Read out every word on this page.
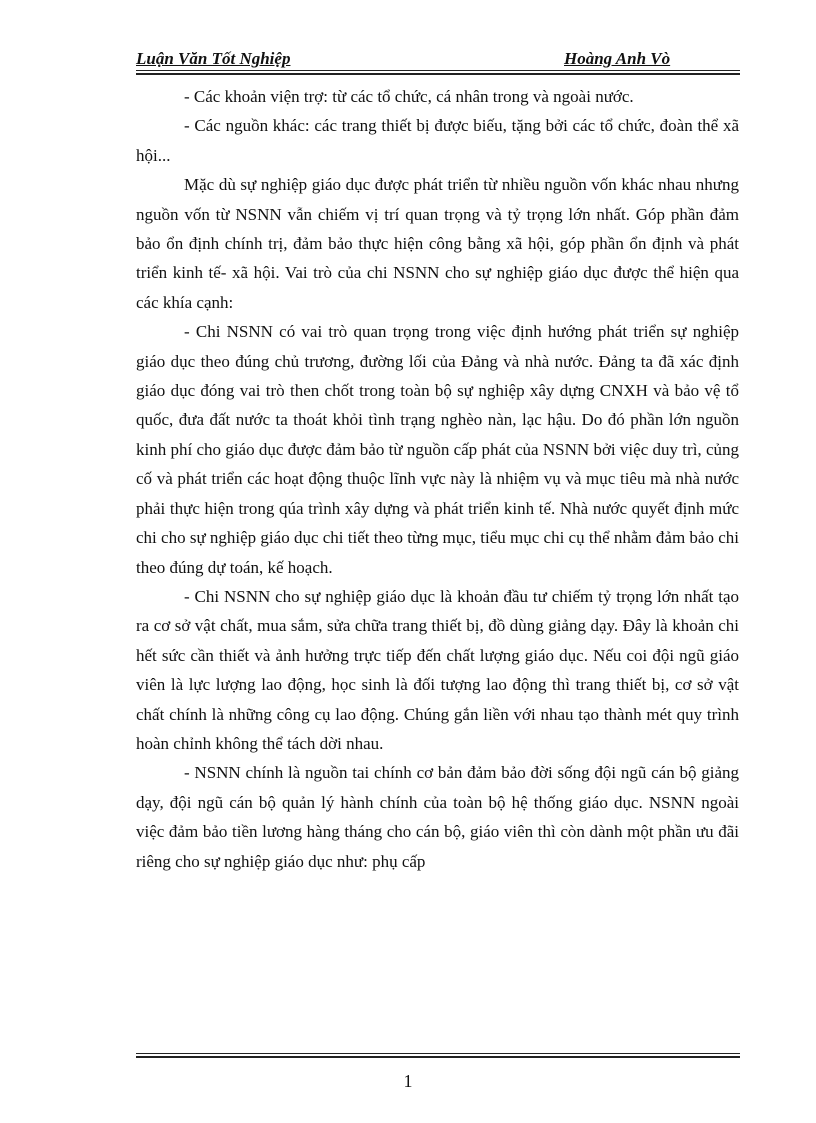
Luận Văn Tốt Nghiệp	Hoàng Anh Vò

- Các khoản viện trợ: từ các tổ chức, cá nhân trong và ngoài nước.

- Các nguồn khác: các trang thiết bị được biếu, tặng bởi các tổ chức, đoàn thể xã hội...

Mặc dù sự nghiệp giáo dục được phát triển từ nhiều nguồn vốn khác nhau nhưng nguồn vốn từ NSNN vẫn chiếm vị trí quan trọng và tỷ trọng lớn nhất. Góp phần đảm bảo ổn định chính trị, đảm bảo thực hiện công bằng xã hội, góp phần ổn định và phát triển kinh tế- xã hội. Vai trò của chi NSNN cho sự nghiệp giáo dục được thể hiện qua các khía cạnh:

- Chi NSNN có vai trò quan trọng trong việc định hướng phát triển sự nghiệp giáo dục theo đúng chủ trương, đường lối của Đảng và nhà nước. Đảng ta đã xác định giáo dục đóng vai trò then chốt trong toàn bộ sự nghiệp xây dựng CNXH và bảo vệ tổ quốc, đưa đất nước ta thoát khỏi tình trạng nghèo nàn, lạc hậu. Do đó phần lớn nguồn kinh phí cho giáo dục được đảm bảo từ nguồn cấp phát của NSNN bởi việc duy trì, củng cố và phát triển các hoạt động thuộc lĩnh vực này là nhiệm vụ và mục tiêu mà nhà nước phải thực hiện trong qúa trình xây dựng và phát triển kinh tế. Nhà nước quyết định mức chi cho sự nghiệp giáo dục chi tiết theo từng mục, tiểu mục chi cụ thể nhằm đảm bảo chi theo đúng dự toán, kế hoạch.

- Chi NSNN cho sự nghiệp giáo dục là khoản đầu tư chiếm tỷ trọng lớn nhất tạo ra cơ sở vật chất, mua sắm, sửa chữa trang thiết bị, đồ dùng giảng dạy. Đây là khoản chi hết sức cần thiết và ảnh hưởng trực tiếp đến chất lượng giáo dục. Nếu coi đội ngũ giáo viên là lực lượng lao động, học sinh là đối tượng lao động thì trang thiết bị, cơ sở vật chất chính là những công cụ lao động. Chúng gắn liền với nhau tạo thành mét quy trình hoàn chỉnh không thể tách dời nhau.

- NSNN chính là nguồn tai chính cơ bản đảm bảo đời sống đội ngũ cán bộ giảng dạy, đội ngũ cán bộ quản lý hành chính của toàn bộ hệ thống giáo dục. NSNN ngoài việc đảm bảo tiền lương hàng tháng cho cán bộ, giáo viên thì còn dành một phần ưu đãi riêng cho sự nghiệp giáo dục như: phụ cấp

1
